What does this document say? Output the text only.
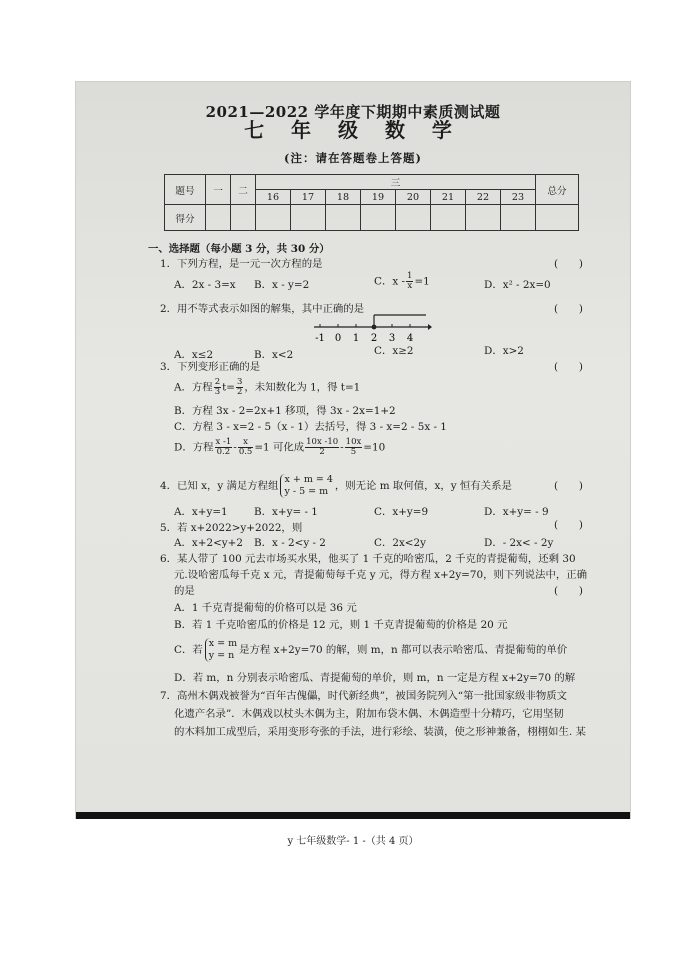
2021—2022 学年度下期期中素质测试题
七 年 级 数 学
(注：请在答题卷上答题)
题号	一	二	三								总分
			16	17	18	19	20	21	22	23	
得分											
一、选择题（每小题 3 分，共 30 分）
1．下列方程，是一元一次方程的是	(　　)
A．2x - 3=x B．x - y=2	C．$x - \frac{1}{x} =1$	D．x² - 2x=0
2．用不等式表示如图的解集，其中正确的是	(　　)
-1 0 1 2 3 4
A．x≤2	B．x<2	C．x≥2	D．x>2
3．下列变形正确的是	(　　)
A．方程 $\frac{2}{3} t= \frac{3}{2}$ ，未知数化为 1，得 t=1
B．方程 3x - 2=2x+1 移项，得 3x - 2x=1+2
C．方程 3 - x=2 - 5（x - 1）去括号，得 3 - x=2 - 5x - 1
D．方程 $\frac{x -1}{0.2} - \frac{x}{0.5} =1$ 可化成 $\frac{10x -10}{2} - \frac{10x}{5} =10$
4．已知 x，y 满足方程组
x + m = 4
y - 5 = m ，则无论 m 取何值，x，y 恒有关系是	(　　)
A．x+y=1	B．x+y= - 1	C．x+y=9	D．x+y= - 9
5．若 x+2022>y+2022，则	(　　)
A．x+2<y+2 B．x - 2<y - 2	C．2x<2y	D．- 2x< - 2y
6．某人带了 100 元去市场买水果，他买了 1 千克的哈密瓜，2 千克的青提葡萄，还剩 30
元.设哈密瓜每千克 x 元，青提葡萄每千克 y 元，得方程 x+2y=70，则下列说法中，正确
的是	(　　)
A．1 千克青提葡萄的价格可以是 36 元
B．若 1 千克哈密瓜的价格是 12 元，则 1 千克青提葡萄的价格是 20 元
C．若
x = m
y = n 是方程 x+2y=70 的解，则 m，n 都可以表示哈密瓜、青提葡萄的单价
D．若 m，n 分别表示哈密瓜、青提葡萄的单价，则 m，n 一定是方程 x+2y=70 的解
7．高州木偶戏被誉为“百年古傀儡，时代新经典”，被国务院列入“第一批国家级非物质文
化遗产名录”．木偶戏以杖头木偶为主，附加布袋木偶、木偶造型十分精巧，它用坚韧
的木料加工成型后，采用变形夸张的手法，进行彩绘、装潢，使之形神兼备，栩栩如生. 某
y 七年级数学- 1 -（共 4 页）
